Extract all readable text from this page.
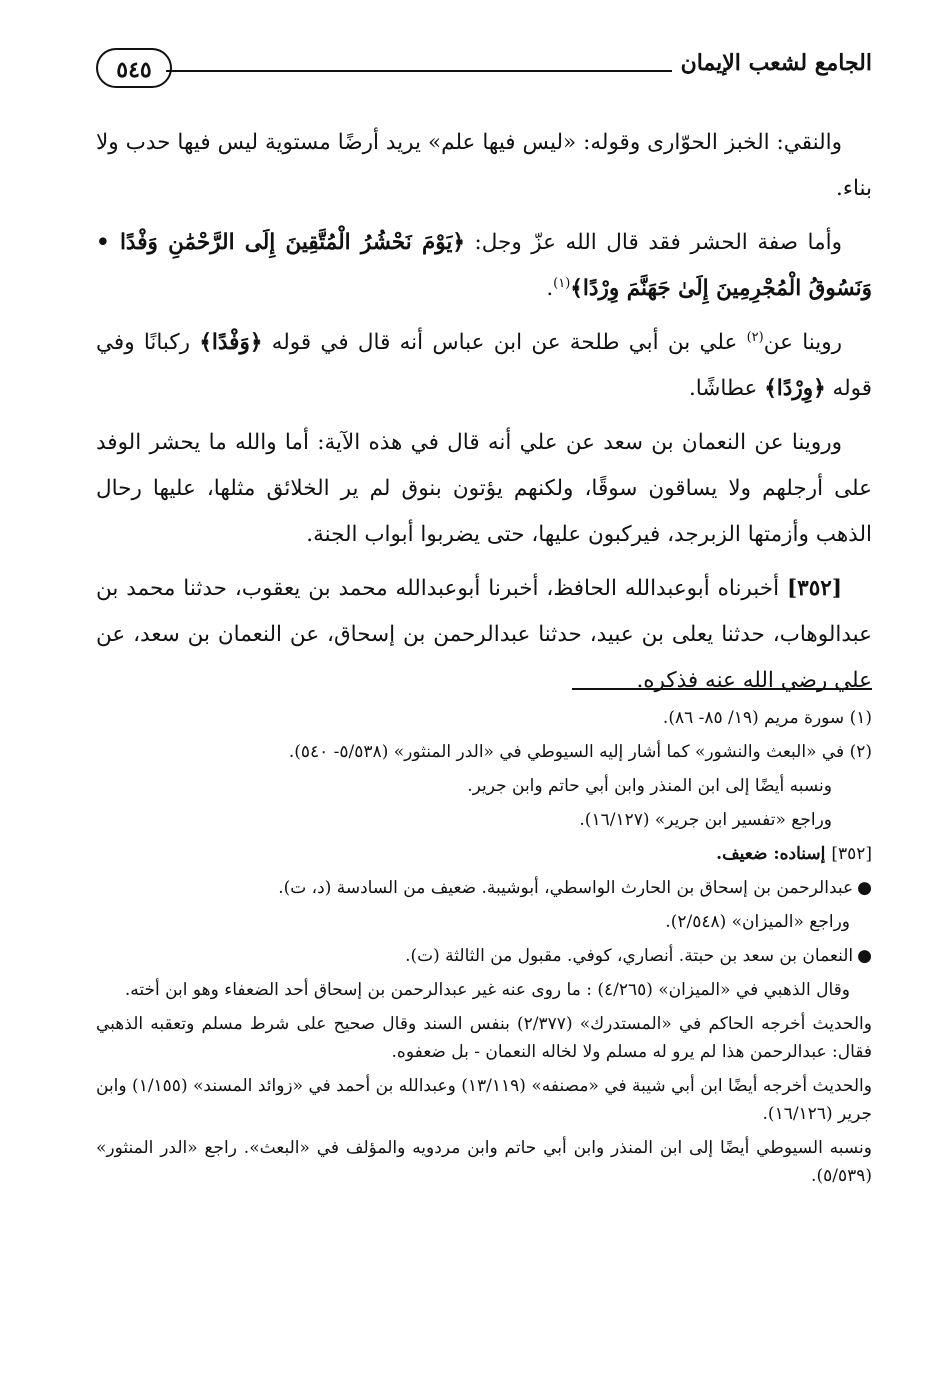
الجامع لشعب الإيمان
٥٤٥

والنقي: الخبز الحوّارى وقوله: «ليس فيها علم» يريد أرضًا مستوية ليس فيها حدب ولا بناء.

وأما صفة الحشر فقد قال الله عزّ وجل: ﴿يَوْمَ نَحْشُرُ الْمُتَّقِينَ إِلَى الرَّحْمَٰنِ وَفْدًا • وَنَسُوقُ الْمُجْرِمِينَ إِلَىٰ جَهَنَّمَ وِرْدًا﴾$^{(١)}$.

روينا عن$^{(٢)}$ علي بن أبي طلحة عن ابن عباس أنه قال في قوله ﴿وَفْدًا﴾ ركبانًا وفي قوله ﴿وِرْدًا﴾ عطاشًا.

وروينا عن النعمان بن سعد عن علي أنه قال في هذه الآية: أما والله ما يحشر الوفد على أرجلهم ولا يساقون سوقًا، ولكنهم يؤتون بنوق لم ير الخلائق مثلها، عليها رحال الذهب وأزمتها الزبرجد، فيركبون عليها، حتى يضربوا أبواب الجنة.

[٣٥٢] أخبرناه أبوعبدالله الحافظ، أخبرنا أبوعبدالله محمد بن يعقوب، حدثنا محمد بن عبدالوهاب، حدثنا يعلى بن عبيد، حدثنا عبدالرحمن بن إسحاق، عن النعمان بن سعد، عن علي رضي الله عنه فذكره.

(١) سورة مريم (١٩/ ٨٥- ٨٦).

(٢) في «البعث والنشور» كما أشار إليه السيوطي في «الدر المنثور» (٥/٥٣٨- ٥٤٠).

ونسبه أيضًا إلى ابن المنذر وابن أبي حاتم وابن جرير.

وراجع «تفسير ابن جرير» (١٦/١٢٧).

[٣٥٢] إسناده: ضعيف.

●عبدالرحمن بن إسحاق بن الحارث الواسطي، أبوشيبة. ضعيف من السادسة (د، ت).

وراجع «الميزان» (٢/٥٤٨).

●النعمان بن سعد بن حبتة. أنصاري، كوفي. مقبول من الثالثة (ت).

وقال الذهبي في «الميزان» (٤/٢٦٥) : ما روى عنه غير عبدالرحمن بن إسحاق أحد الضعفاء وهو ابن أخته.

والحديث أخرجه الحاكم في «المستدرك» (٢/٣٧٧) بنفس السند وقال صحيح على شرط مسلم وتعقبه الذهبي فقال: عبدالرحمن هذا لم يرو له مسلم ولا لخاله النعمان - بل ضعفوه.

والحديث أخرجه أيضًا ابن أبي شيبة في «مصنفه» (١٣/١١٩) وعبدالله بن أحمد في «زوائد المسند» (١/١٥٥) وابن جرير (١٦/١٢٦).

ونسبه السيوطي أيضًا إلى ابن المنذر وابن أبي حاتم وابن مردويه والمؤلف في «البعث». راجع «الدر المنثور» (٥/٥٣٩).
